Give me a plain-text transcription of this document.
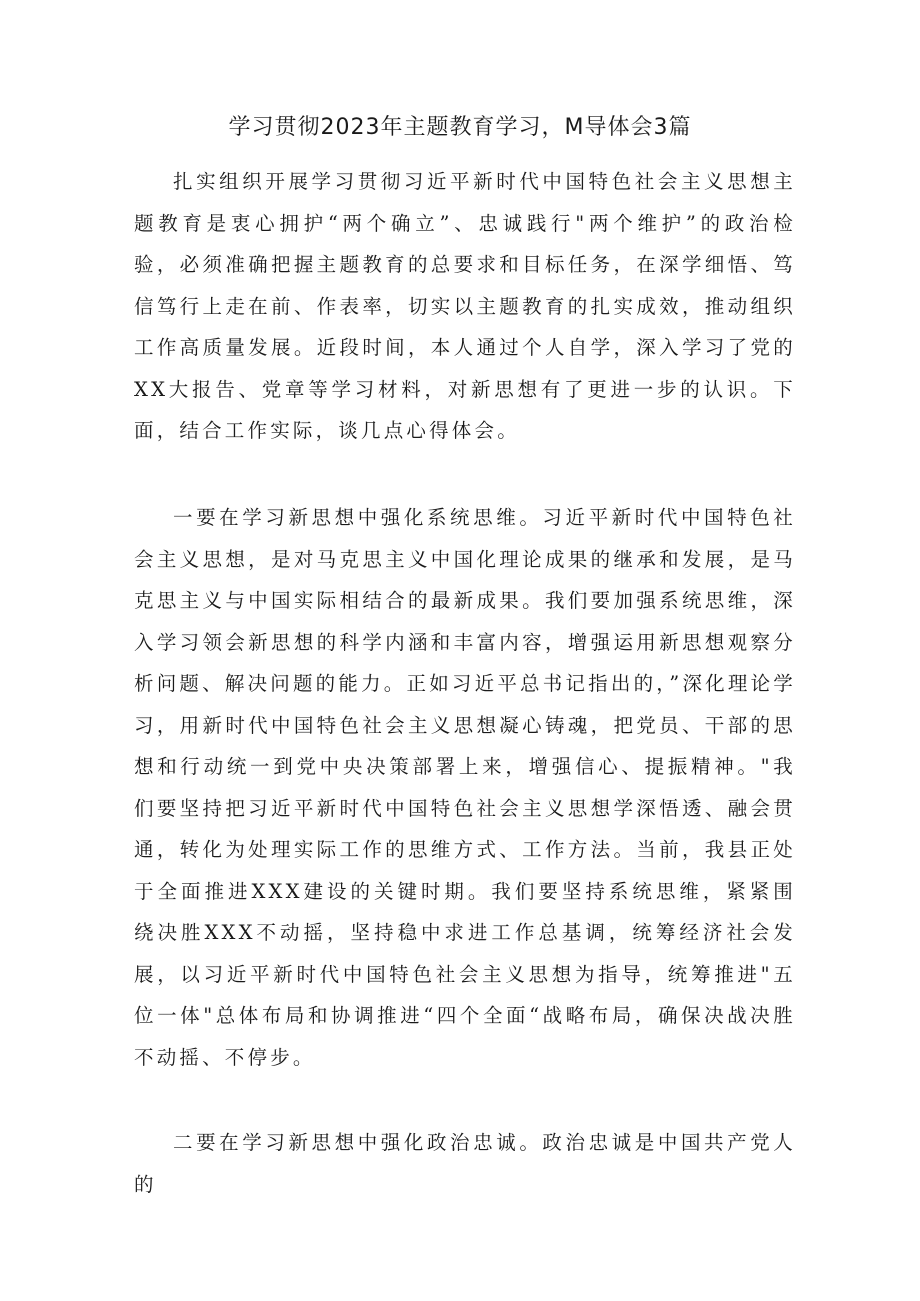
学习贯彻2023年主题教育学习，M导体会3篇

扎实组织开展学习贯彻习近平新时代中国特色社会主义思想主题教育是衷心拥护“两个确立”、忠诚践行"两个维护”的政治检验，必须准确把握主题教育的总要求和目标任务，在深学细悟、笃信笃行上走在前、作表率，切实以主题教育的扎实成效，推动组织工作高质量发展。近段时间，本人通过个人自学，深入学习了党的XX大报告、党章等学习材料，对新思想有了更进一步的认识。下面，结合工作实际，谈几点心得体会。

一要在学习新思想中强化系统思维。习近平新时代中国特色社会主义思想，是对马克思主义中国化理论成果的继承和发展，是马克思主义与中国实际相结合的最新成果。我们要加强系统思维，深入学习领会新思想的科学内涵和丰富内容，增强运用新思想观察分析问题、解决问题的能力。正如习近平总书记指出的，”深化理论学习，用新时代中国特色社会主义思想凝心铸魂，把党员、干部的思想和行动统一到党中央决策部署上来，增强信心、提振精神。"我们要坚持把习近平新时代中国特色社会主义思想学深悟透、融会贯通，转化为处理实际工作的思维方式、工作方法。当前，我县正处于全面推进XXX建设的关键时期。我们要坚持系统思维，紧紧围绕决胜XXX不动摇，坚持稳中求进工作总基调，统筹经济社会发展，以习近平新时代中国特色社会主义思想为指导，统筹推进"五位一体"总体布局和协调推进“四个全面“战略布局，确保决战决胜不动摇、不停步。

二要在学习新思想中强化政治忠诚。政治忠诚是中国共产党人的
